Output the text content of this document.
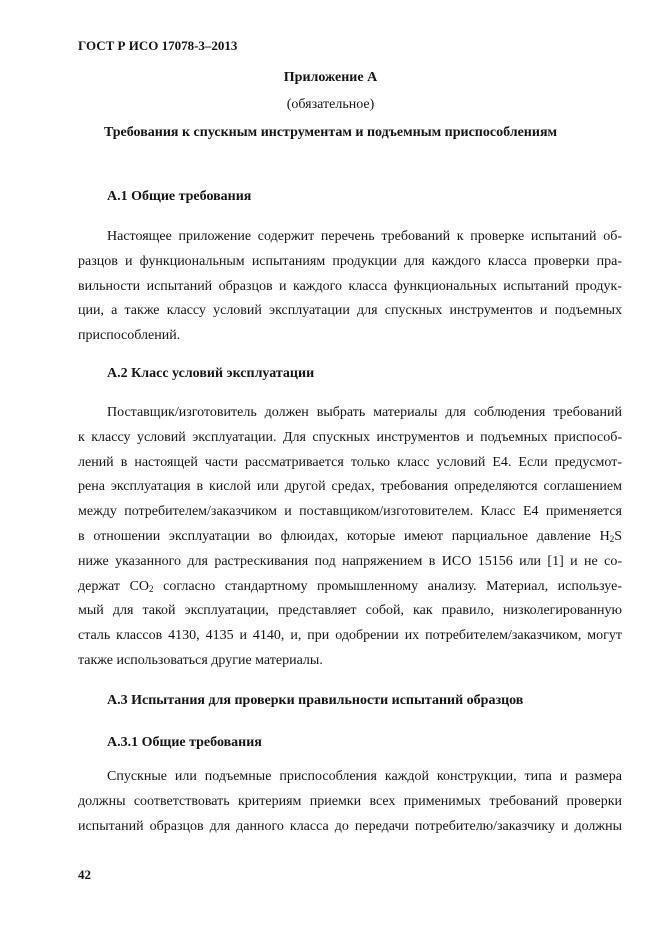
ГОСТ Р ИСО 17078-3–2013
Приложение А
(обязательное)
Требования к спускным инструментам и подъемным приспособлениям
А.1 Общие требования
Настоящее приложение содержит перечень требований к проверке испытаний об-
разцов и функциональным испытаниям продукции для каждого класса проверки пра-
вильности испытаний образцов и каждого класса функциональных испытаний продук-
ции, а также классу условий эксплуатации для спускных инструментов и подъемных
приспособлений.
А.2 Класс условий эксплуатации
Поставщик/изготовитель должен выбрать материалы для соблюдения требований
к классу условий эксплуатации. Для спускных инструментов и подъемных приспособ-
лений в настоящей части рассматривается только класс условий Е4. Если предусмот-
рена эксплуатация в кислой или другой средах, требования определяются соглашением
между потребителем/заказчиком и поставщиком/изготовителем. Класс Е4 применяется
в отношении эксплуатации во флюидах, которые имеют парциальное давление $H_2S$
ниже указанного для растрескивания под напряжением в ИСО 15156 или [1] и не со-
держат $CO_2$ согласно стандартному промышленному анализу. Материал, используе-
мый для такой эксплуатации, представляет собой, как правило, низколегированную
сталь классов 4130, 4135 и 4140, и, при одобрении их потребителем/заказчиком, могут
также использоваться другие материалы.
А.3 Испытания для проверки правильности испытаний образцов
А.3.1 Общие требования
Спускные или подъемные приспособления каждой конструкции, типа и размера
должны соответствовать критериям приемки всех применимых требований проверки
испытаний образцов для данного класса до передачи потребителю/заказчику и должны
42
